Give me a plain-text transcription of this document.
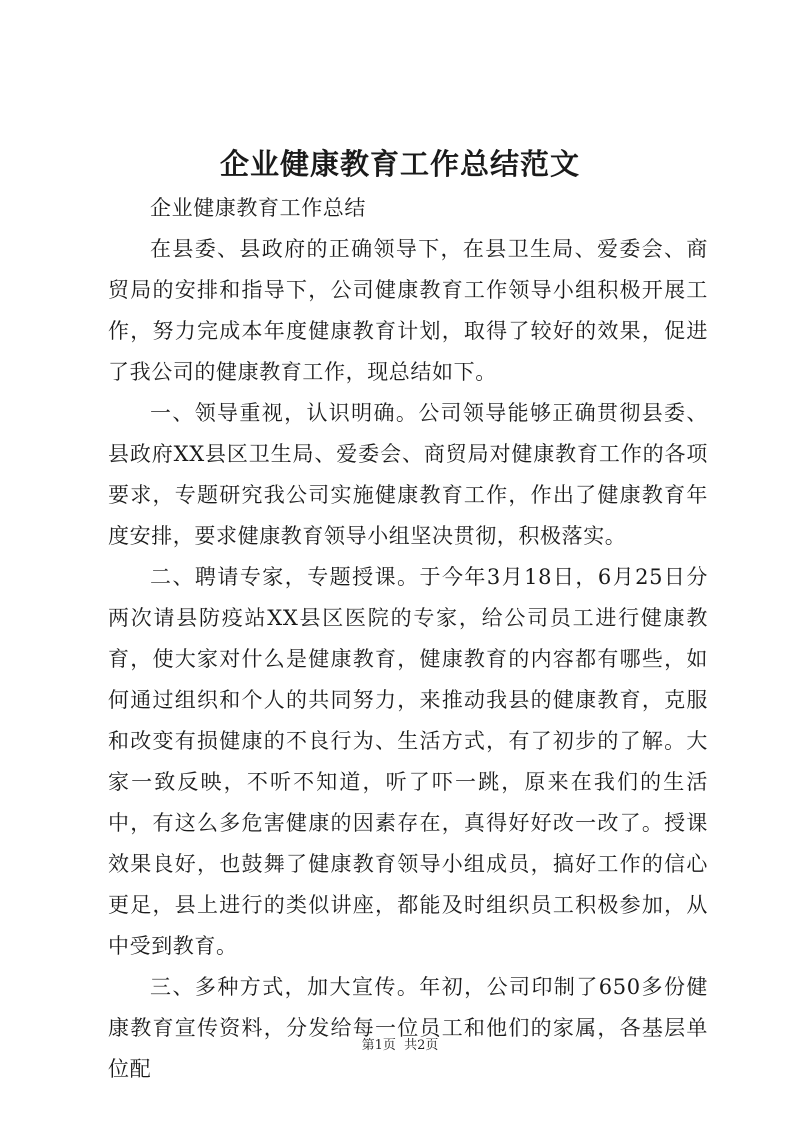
企业健康教育工作总结范文

企业健康教育工作总结

在县委、县政府的正确领导下，在县卫生局、爱委会、商贸局的安排和指导下，公司健康教育工作领导小组积极开展工作，努力完成本年度健康教育计划，取得了较好的效果，促进了我公司的健康教育工作，现总结如下。

一、领导重视，认识明确。公司领导能够正确贯彻县委、县政府XX县区卫生局、爱委会、商贸局对健康教育工作的各项要求，专题研究我公司实施健康教育工作，作出了健康教育年度安排，要求健康教育领导小组坚决贯彻，积极落实。

二、聘请专家，专题授课。于今年3月18日，6月25日分两次请县防疫站XX县区医院的专家，给公司员工进行健康教育，使大家对什么是健康教育，健康教育的内容都有哪些，如何通过组织和个人的共同努力，来推动我县的健康教育，克服和改变有损健康的不良行为、生活方式，有了初步的了解。大家一致反映，不听不知道，听了吓一跳，原来在我们的生活中，有这么多危害健康的因素存在，真得好好改一改了。授课效果良好，也鼓舞了健康教育领导小组成员，搞好工作的信心更足，县上进行的类似讲座，都能及时组织员工积极参加，从中受到教育。

三、多种方式，加大宣传。年初，公司印制了650多份健康教育宣传资料，分发给每一位员工和他们的家属，各基层单位配

第1页 共2页
